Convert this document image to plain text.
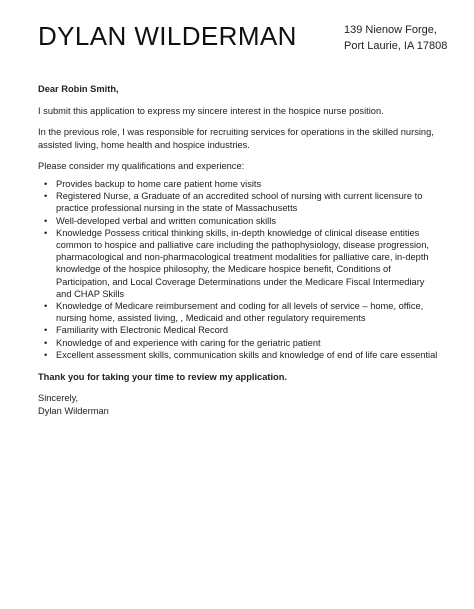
DYLAN WILDERMAN	139 Nienow Forge,
Port Laurie, IA 17808

Dear Robin Smith,

I submit this application to express my sincere interest in the hospice nurse position.

In the previous role, I was responsible for recruiting services for operations in the skilled nursing, assisted living, home health and hospice industries.

Please consider my qualifications and experience:

• Provides backup to home care patient home visits
• Registered Nurse, a Graduate of an accredited school of nursing with current licensure to practice professional nursing in the state of Massachusetts
• Well-developed verbal and written comunication skills
• Knowledge Possess critical thinking skills, in-depth knowledge of clinical disease entities common to hospice and palliative care including the pathophysiology, disease progression, pharmacological and non-pharmacological treatment modalities for palliative care, in-depth knowledge of the hospice philosophy, the Medicare hospice benefit, Conditions of Participation, and Local Coverage Determinations under the Medicare Fiscal Intermediary and CHAP Skills
• Knowledge of Medicare reimbursement and coding for all levels of service – home, office, nursing home, assisted living, , Medicaid and other regulatory requirements
• Familiarity with Electronic Medical Record
• Knowledge of and experience with caring for the geriatric patient
• Excellent assessment skills, communication skills and knowledge of end of life care essential

Thank you for taking your time to review my application.

Sincerely,
Dylan Wilderman
